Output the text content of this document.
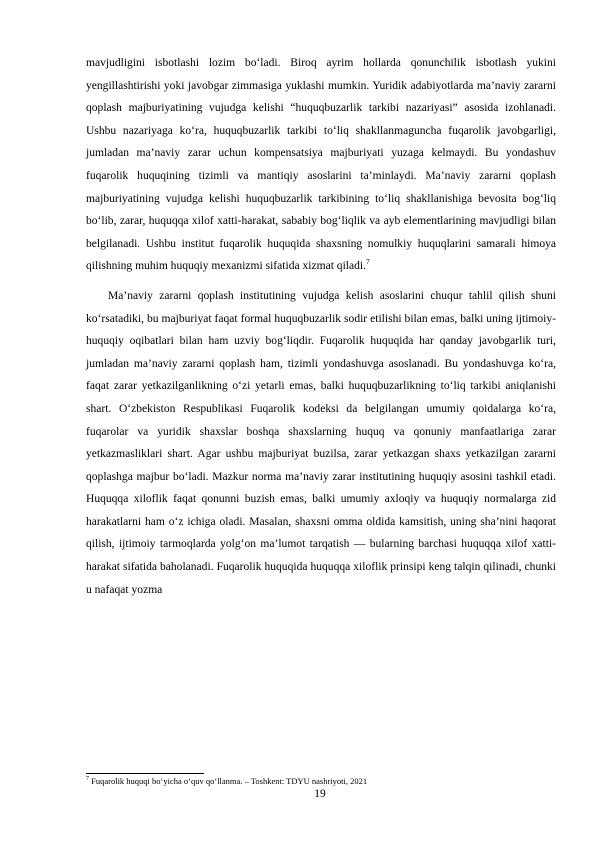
mavjudligini isbotlashi lozim bo‘ladi. Biroq ayrim hollarda qonunchilik isbotlash yukini yengillashtirishi yoki javobgar zimmasiga yuklashi mumkin. Yuridik adabiyotlarda ma’naviy zararni qoplash majburiyatining vujudga kelishi “huquqbuzarlik tarkibi nazariyasi” asosida izohlanadi. Ushbu nazariyaga ko‘ra, huquqbuzarlik tarkibi to‘liq shakllanmaguncha fuqarolik javobgarligi, jumladan ma’naviy zarar uchun kompensatsiya majburiyati yuzaga kelmaydi. Bu yondashuv fuqarolik huquqining tizimli va mantiqiy asoslarini ta’minlaydi. Ma’naviy zararni qoplash majburiyatining vujudga kelishi huquqbuzarlik tarkibining to‘liq shakllanishiga bevosita bog‘liq bo‘lib, zarar, huquqqa xilof xatti-harakat, sababiy bog‘liqlik va ayb elementlarining mavjudligi bilan belgilanadi. Ushbu institut fuqarolik huquqida shaxsning nomulkiy huquqlarini samarali himoya qilishning muhim huquqiy mexanizmi sifatida xizmat qiladi.$^7$

Ma’naviy zararni qoplash institutining vujudga kelish asoslarini chuqur tahlil qilish shuni ko‘rsatadiki, bu majburiyat faqat formal huquqbuzarlik sodir etilishi bilan emas, balki uning ijtimoiy-huquqiy oqibatlari bilan ham uzviy bog‘liqdir. Fuqarolik huquqida har qanday javobgarlik turi, jumladan ma’naviy zararni qoplash ham, tizimli yondashuvga asoslanadi. Bu yondashuvga ko‘ra, faqat zarar yetkazilganlikning o‘zi yetarli emas, balki huquqbuzarlikning to‘liq tarkibi aniqlanishi shart. O‘zbekiston Respublikasi Fuqarolik kodeksi da belgilangan umumiy qoidalarga ko‘ra, fuqarolar va yuridik shaxslar boshqa shaxslarning huquq va qonuniy manfaatlariga zarar yetkazmasliklari shart. Agar ushbu majburiyat buzilsa, zarar yetkazgan shaxs yetkazilgan zararni qoplashga majbur bo‘ladi. Mazkur norma ma’naviy zarar institutining huquqiy asosini tashkil etadi. Huquqqa xiloflik faqat qonunni buzish emas, balki umumiy axloqiy va huquqiy normalarga zid harakatlarni ham o‘z ichiga oladi. Masalan, shaxsni omma oldida kamsitish, uning sha’nini haqorat qilish, ijtimoiy tarmoqlarda yolg‘on ma’lumot tarqatish — bularning barchasi huquqqa xilof xatti-harakat sifatida baholanadi. Fuqarolik huquqida huquqqa xiloflik prinsipi keng talqin qilinadi, chunki u nafaqat yozma

$^7$ Fuqarolik huquqi bo‘yicha o‘quv qo‘llanma. – Toshkent: TDYU nashriyoti, 2021
19
